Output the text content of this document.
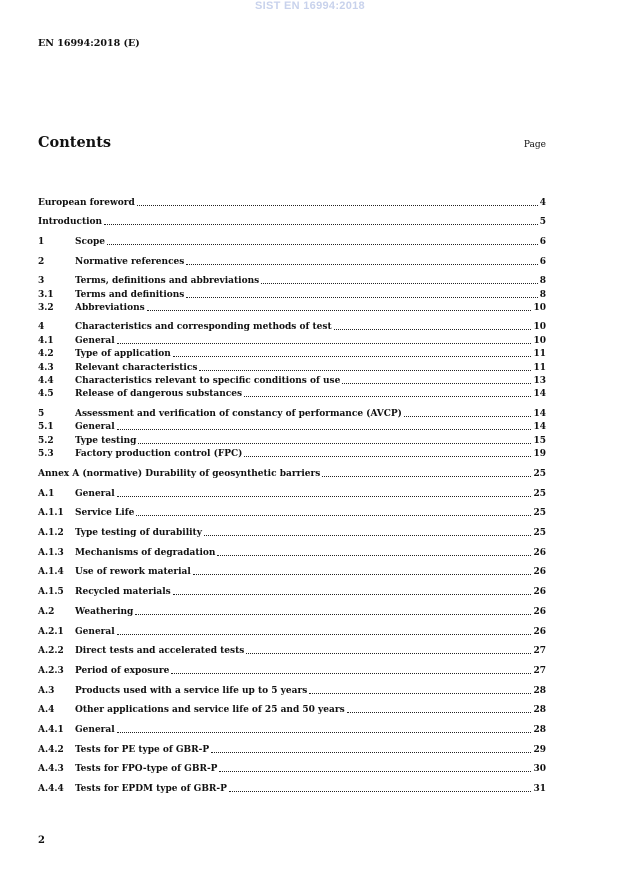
SIST EN 16994:2018
EN 16994:2018 (E)
Contents	Page
European foreword	4
Introduction	5
1	Scope	6
2	Normative references	6
3	Terms, definitions and abbreviations	8
3.1	Terms and definitions	8
3.2	Abbreviations	10
4	Characteristics and corresponding methods of test	10
4.1	General	10
4.2	Type of application	11
4.3	Relevant characteristics	11
4.4	Characteristics relevant to specific conditions of use	13
4.5	Release of dangerous substances	14
5	Assessment and verification of constancy of performance (AVCP)	14
5.1	General	14
5.2	Type testing	15
5.3	Factory production control (FPC)	19
Annex A (normative) Durability of geosynthetic barriers	25
A.1	General	25
A.1.1	Service Life	25
A.1.2	Type testing of durability	25
A.1.3	Mechanisms of degradation	26
A.1.4	Use of rework material	26
A.1.5	Recycled materials	26
A.2	Weathering	26
A.2.1	General	26
A.2.2	Direct tests and accelerated tests	27
A.2.3	Period of exposure	27
A.3	Products used with a service life up to 5 years	28
A.4	Other applications and service life of 25 and 50 years	28
A.4.1	General	28
A.4.2	Tests for PE type of GBR-P	29
A.4.3	Tests for FPO-type of GBR-P	30
A.4.4	Tests for EPDM type of GBR-P	31
2
